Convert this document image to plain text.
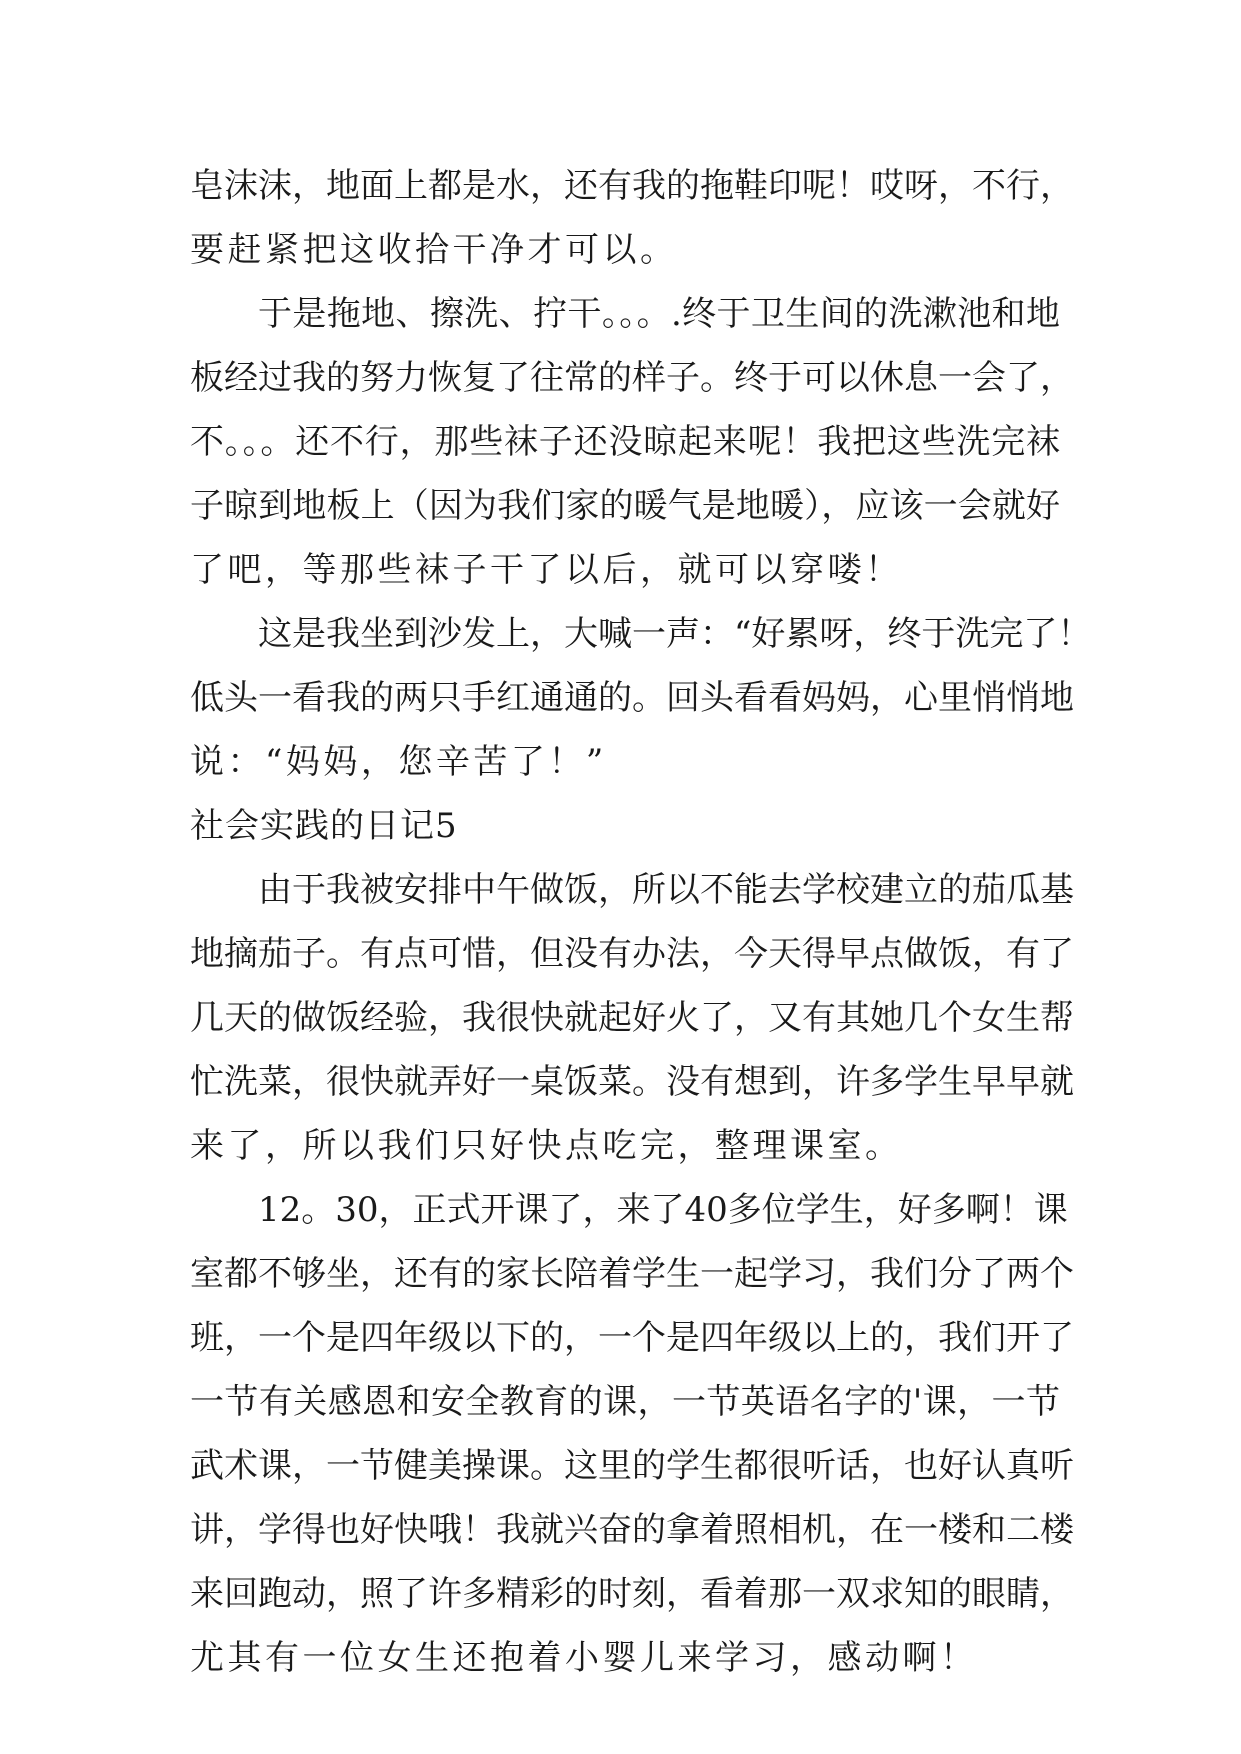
皂沫沫，地面上都是水，还有我的拖鞋印呢！哎呀，不行，
要赶紧把这收拾干净才可以。
于是拖地、擦洗、拧干。。。.终于卫生间的洗漱池和地
板经过我的努力恢复了往常的样子。终于可以休息一会了，
不。。。还不行，那些袜子还没晾起来呢！我把这些洗完袜
子晾到地板上（因为我们家的暖气是地暖），应该一会就好
了吧，等那些袜子干了以后，就可以穿喽！
这是我坐到沙发上，大喊一声：“好累呀，终于洗完了！
低头一看我的两只手红通通的。回头看看妈妈，心里悄悄地
说：“妈妈，您辛苦了！”
社会实践的日记5
由于我被安排中午做饭，所以不能去学校建立的茄瓜基
地摘茄子。有点可惜，但没有办法，今天得早点做饭，有了
几天的做饭经验，我很快就起好火了，又有其她几个女生帮
忙洗菜，很快就弄好一桌饭菜。没有想到，许多学生早早就
来了，所以我们只好快点吃完，整理课室。
12。30，正式开课了，来了40多位学生，好多啊！课
室都不够坐，还有的家长陪着学生一起学习，我们分了两个
班，一个是四年级以下的，一个是四年级以上的，我们开了
一节有关感恩和安全教育的课，一节英语名字的'课，一节
武术课，一节健美操课。这里的学生都很听话，也好认真听
讲，学得也好快哦！我就兴奋的拿着照相机，在一楼和二楼
来回跑动，照了许多精彩的时刻，看着那一双求知的眼睛，
尤其有一位女生还抱着小婴儿来学习，感动啊！
